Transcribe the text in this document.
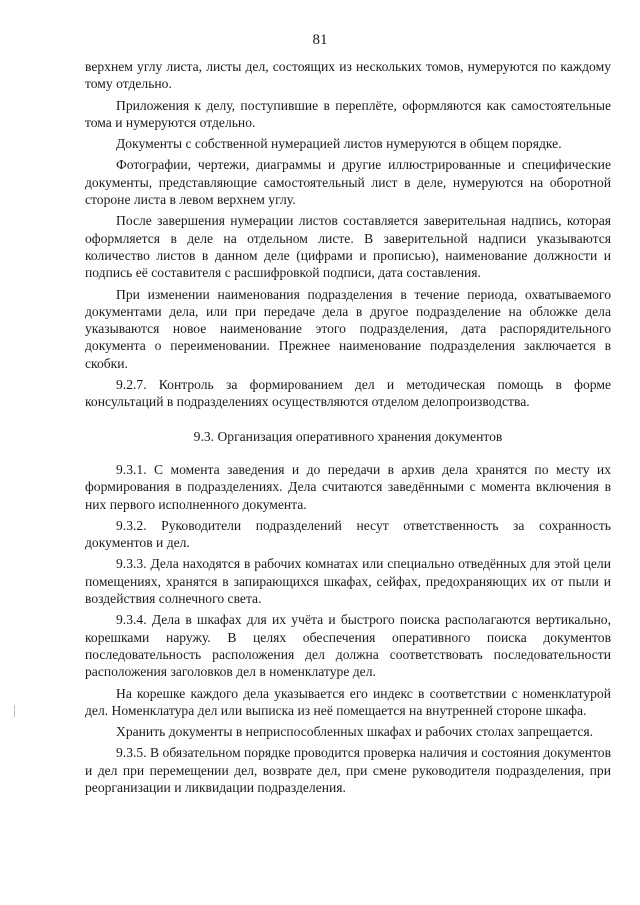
81

верхнем углу листа, листы дел, состоящих из нескольких томов, нумеруются по каждому тому отдельно.

Приложения к делу, поступившие в переплёте, оформляются как самостоятельные тома и нумеруются отдельно.

Документы с собственной нумерацией листов нумеруются в общем порядке.

Фотографии, чертежи, диаграммы и другие иллюстрированные и специфические документы, представляющие самостоятельный лист в деле, нумеруются на оборотной стороне листа в левом верхнем углу.

После завершения нумерации листов составляется заверительная надпись, которая оформляется в деле на отдельном листе. В заверительной надписи указываются количество листов в данном деле (цифрами и прописью), наименование должности и подпись её составителя с расшифровкой подписи, дата составления.

При изменении наименования подразделения в течение периода, охватываемого документами дела, или при передаче дела в другое подразделение на обложке дела указываются новое наименование этого подразделения, дата распорядительного документа о переименовании. Прежнее наименование подразделения заключается в скобки.

9.2.7. Контроль за формированием дел и методическая помощь в форме консультаций в подразделениях осуществляются отделом делопроизводства.

9.3. Организация оперативного хранения документов

9.3.1. С момента заведения и до передачи в архив дела хранятся по месту их формирования в подразделениях. Дела считаются заведёнными с момента включения в них первого исполненного документа.

9.3.2. Руководители подразделений несут ответственность за сохранность документов и дел.

9.3.3. Дела находятся в рабочих комнатах или специально отведённых для этой цели помещениях, хранятся в запирающихся шкафах, сейфах, предохраняющих их от пыли и воздействия солнечного света.

9.3.4. Дела в шкафах для их учёта и быстрого поиска располагаются вертикально, корешками наружу. В целях обеспечения оперативного поиска документов последовательность расположения дел должна соответствовать последовательности расположения заголовков дел в номенклатуре дел.

На корешке каждого дела указывается его индекс в соответствии с номенклатурой дел. Номенклатура дел или выписка из неё помещается на внутренней стороне шкафа.

Хранить документы в неприспособленных шкафах и рабочих столах запрещается.

9.3.5. В обязательном порядке проводится проверка наличия и состояния документов и дел при перемещении дел, возврате дел, при смене руководителя подразделения, при реорганизации и ликвидации подразделения.
